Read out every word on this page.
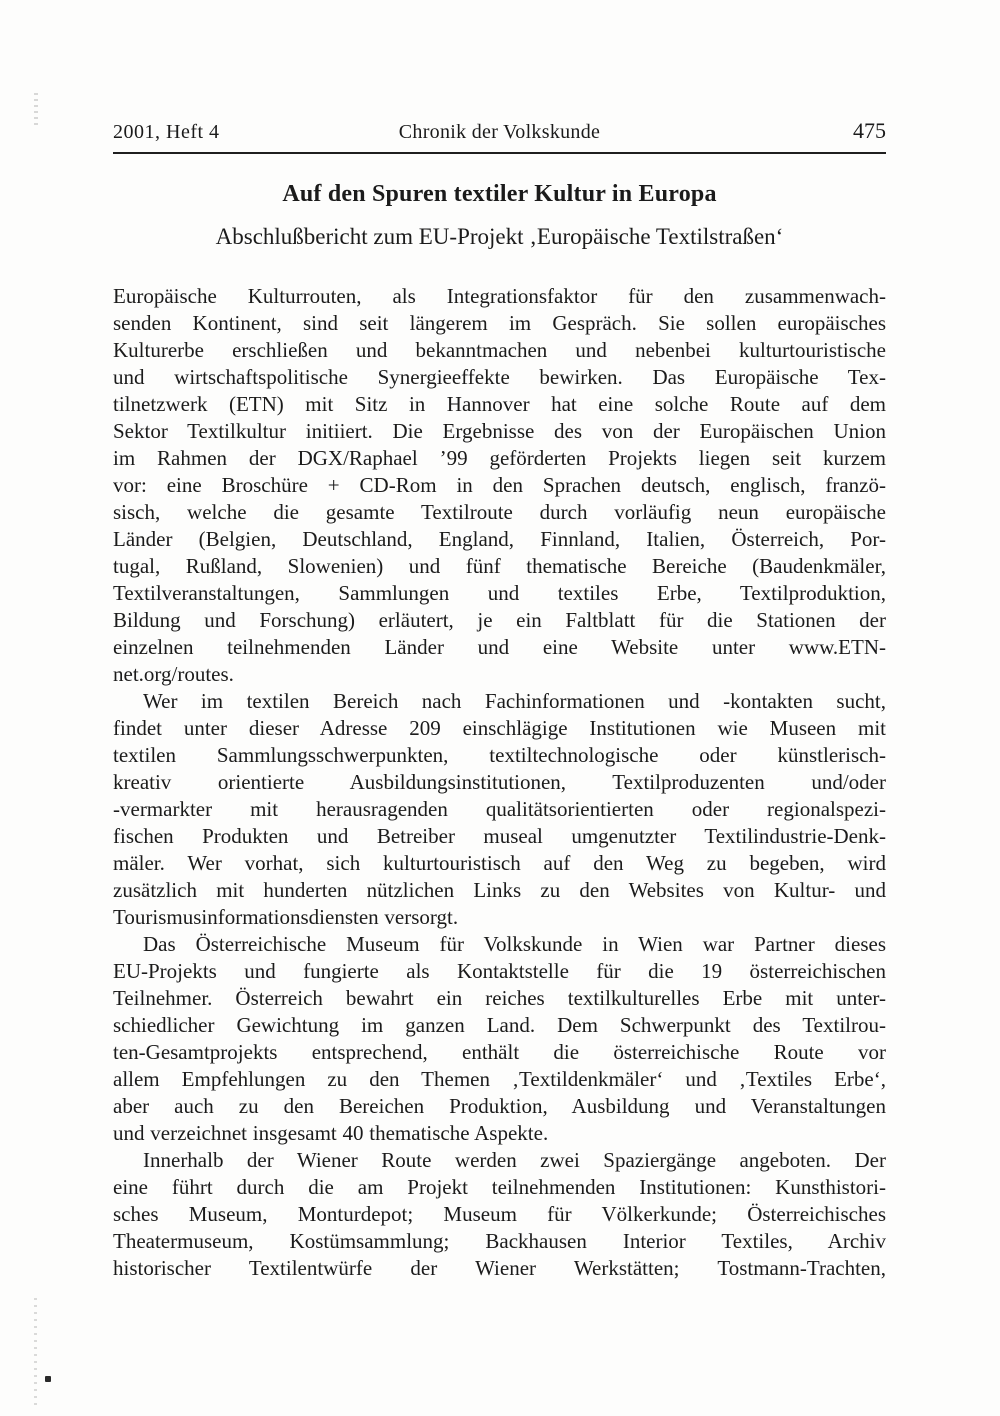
2001, Heft 4	Chronik der Volkskunde	475
Auf den Spuren textiler Kultur in Europa
Abschlußbericht zum EU-Projekt ‚Europäische Textilstraßen‘
Europäische Kulturrouten, als Integrationsfaktor für den zusammenwach-
senden Kontinent, sind seit längerem im Gespräch. Sie sollen europäisches
Kulturerbe erschließen und bekanntmachen und nebenbei kulturtouristische
und wirtschaftspolitische Synergieeffekte bewirken. Das Europäische Tex-
tilnetzwerk (ETN) mit Sitz in Hannover hat eine solche Route auf dem
Sektor Textilkultur initiiert. Die Ergebnisse des von der Europäischen Union
im Rahmen der DGX/Raphael ’99 geförderten Projekts liegen seit kurzem
vor: eine Broschüre + CD-Rom in den Sprachen deutsch, englisch, franzö-
sisch, welche die gesamte Textilroute durch vorläufig neun europäische
Länder (Belgien, Deutschland, England, Finnland, Italien, Österreich, Por-
tugal, Rußland, Slowenien) und fünf thematische Bereiche (Baudenkmäler,
Textilveranstaltungen, Sammlungen und textiles Erbe, Textilproduktion,
Bildung und Forschung) erläutert, je ein Faltblatt für die Stationen der
einzelnen teilnehmenden Länder und eine Website unter www.ETN-
net.org/routes.
Wer im textilen Bereich nach Fachinformationen und -kontakten sucht,
findet unter dieser Adresse 209 einschlägige Institutionen wie Museen mit
textilen Sammlungsschwerpunkten, textiltechnologische oder künstlerisch-
kreativ orientierte Ausbildungsinstitutionen, Textilproduzenten und/oder
-vermarkter mit herausragenden qualitätsorientierten oder regionalspezi-
fischen Produkten und Betreiber museal umgenutzter Textilindustrie-Denk-
mäler. Wer vorhat, sich kulturtouristisch auf den Weg zu begeben, wird
zusätzlich mit hunderten nützlichen Links zu den Websites von Kultur- und
Tourismusinformationsdiensten versorgt.
Das Österreichische Museum für Volkskunde in Wien war Partner dieses
EU-Projekts und fungierte als Kontaktstelle für die 19 österreichischen
Teilnehmer. Österreich bewahrt ein reiches textilkulturelles Erbe mit unter-
schiedlicher Gewichtung im ganzen Land. Dem Schwerpunkt des Textilrou-
ten-Gesamtprojekts entsprechend, enthält die österreichische Route vor
allem Empfehlungen zu den Themen ‚Textildenkmäler‘ und ‚Textiles Erbe‘,
aber auch zu den Bereichen Produktion, Ausbildung und Veranstaltungen
und verzeichnet insgesamt 40 thematische Aspekte.
Innerhalb der Wiener Route werden zwei Spaziergänge angeboten. Der
eine führt durch die am Projekt teilnehmenden Institutionen: Kunsthistori-
sches Museum, Monturdepot; Museum für Völkerkunde; Österreichisches
Theatermuseum, Kostümsammlung; Backhausen Interior Textiles, Archiv
historischer Textilentwürfe der Wiener Werkstätten; Tostmann-Trachten,
